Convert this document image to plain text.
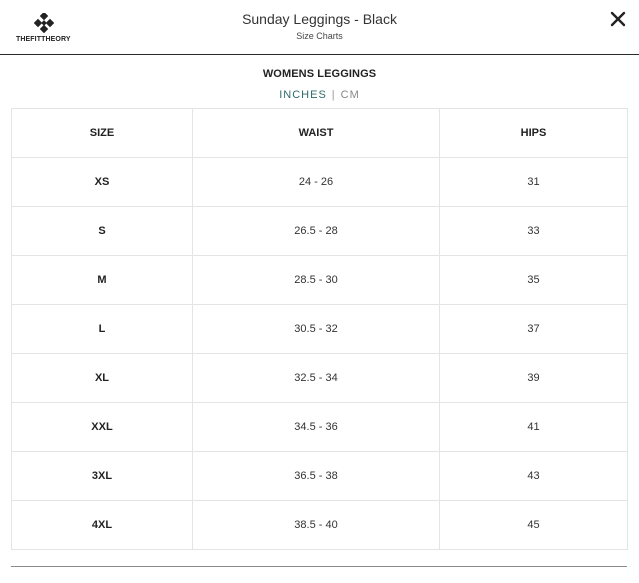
THEFITTHEORY
Sunday Leggings - Black
Size Charts
WOMENS LEGGINGS
INCHES | CM
SIZE	WAIST	HIPS
XS	24 - 26	31
S	26.5 - 28	33
M	28.5 - 30	35
L	30.5 - 32	37
XL	32.5 - 34	39
XXL	34.5 - 36	41
3XL	36.5 - 38	43
4XL	38.5 - 40	45
